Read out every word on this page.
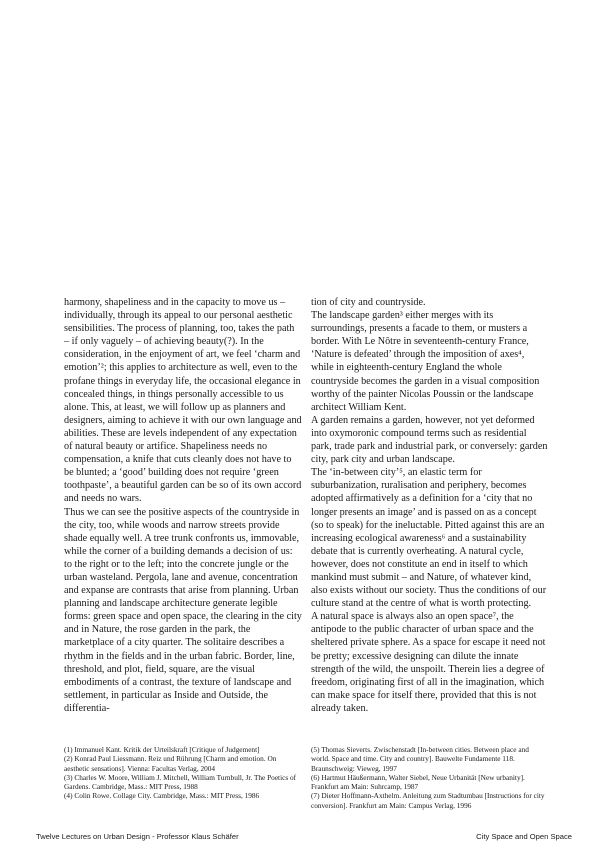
harmony, shapeliness and in the capacity to move us – individually, through its appeal to our personal aesthetic sensibilities. The process of planning, too, takes the path – if only vaguely – of achieving beauty(?). In the consideration, in the enjoyment of art, we feel ‘charm and emotion’²; this applies to architecture as well, even to the profane things in everyday life, the occasional elegance in concealed things, in things personally accessible to us alone. This, at least, we will follow up as planners and designers, aiming to achieve it with our own language and abilities. These are levels independent of any expectation of natural beauty or artifice. Shapeliness needs no compensation, a knife that cuts cleanly does not have to be blunted; a ‘good’ building does not require ‘green toothpaste’, a beautiful garden can be so of its own accord and needs no wars.

Thus we can see the positive aspects of the countryside in the city, too, while woods and narrow streets provide shade equally well. A tree trunk confronts us, immovable, while the corner of a building demands a decision of us: to the right or to the left; into the concrete jungle or the urban wasteland. Pergola, lane and avenue, concentration and expanse are contrasts that arise from planning. Urban planning and landscape architecture generate legible forms: green space and open space, the clearing in the city and in Nature, the rose garden in the park, the marketplace of a city quarter. The solitaire describes a rhythm in the fields and in the urban fabric. Border, line, threshold, and plot, field, square, are the visual embodiments of a contrast, the texture of landscape and settlement, in particular as Inside and Outside, the differentia-

tion of city and countryside.

The landscape garden³ either merges with its surroundings, presents a facade to them, or musters a border. With Le Nôtre in seventeenth-century France, ‘Nature is defeated’ through the imposition of axes⁴, while in eighteenth-century England the whole countryside becomes the garden in a visual composition worthy of the painter Nicolas Poussin or the landscape architect William Kent.

A garden remains a garden, however, not yet deformed into oxymoronic compound terms such as residential park, trade park and industrial park, or conversely: garden city, park city and urban landscape.

The ‘in-between city’⁵, an elastic term for suburbanization, ruralisation and periphery, becomes adopted affirmatively as a definition for a ‘city that no longer presents an image’ and is passed on as a concept (so to speak) for the ineluctable. Pitted against this are an increasing ecological awareness⁶ and a sustainability debate that is currently overheating. A natural cycle, however, does not constitute an end in itself to which mankind must submit – and Nature, of whatever kind, also exists without our society. Thus the conditions of our culture stand at the centre of what is worth protecting.

A natural space is always also an open space⁷, the antipode to the public character of urban space and the sheltered private sphere. As a space for escape it need not be pretty; excessive designing can dilute the innate strength of the wild, the unspoilt. Therein lies a degree of freedom, originating first of all in the imagination, which can make space for itself there, provided that this is not already taken.

(1) Immanuel Kant. Kritik der Urteilskraft [Critique of Judgement]

(2) Konrad Paul Liessmann. Reiz und Rührung [Charm and emotion. On aesthetic sensations]. Vienna: Facultas Verlag, 2004

(3) Charles W. Moore, William J. Mitchell, William Turnbull, Jr. The Poetics of Gardens. Cambridge, Mass.: MIT Press, 1988

(4) Colin Rowe. Collage City. Cambridge, Mass.: MIT Press, 1986

(5) Thomas Sieverts. Zwischenstadt [In-between cities. Between place and world. Space and time. City and country]. Bauwelte Fundamente 118. Braunschweig: Vieweg, 1997

(6) Hartmut Häußermann, Walter Siebel, Neue Urbanität [New urbanity]. Frankfurt am Main: Suhrcamp, 1987

(7) Dieter Hoffmann-Axthelm. Anleitung zum Stadtumbau [Instructions for city conversion]. Frankfurt am Main: Campus Verlag, 1996

Twelve Lectures on Urban Design - Professor Klaus Schäfer	City Space and Open Space
